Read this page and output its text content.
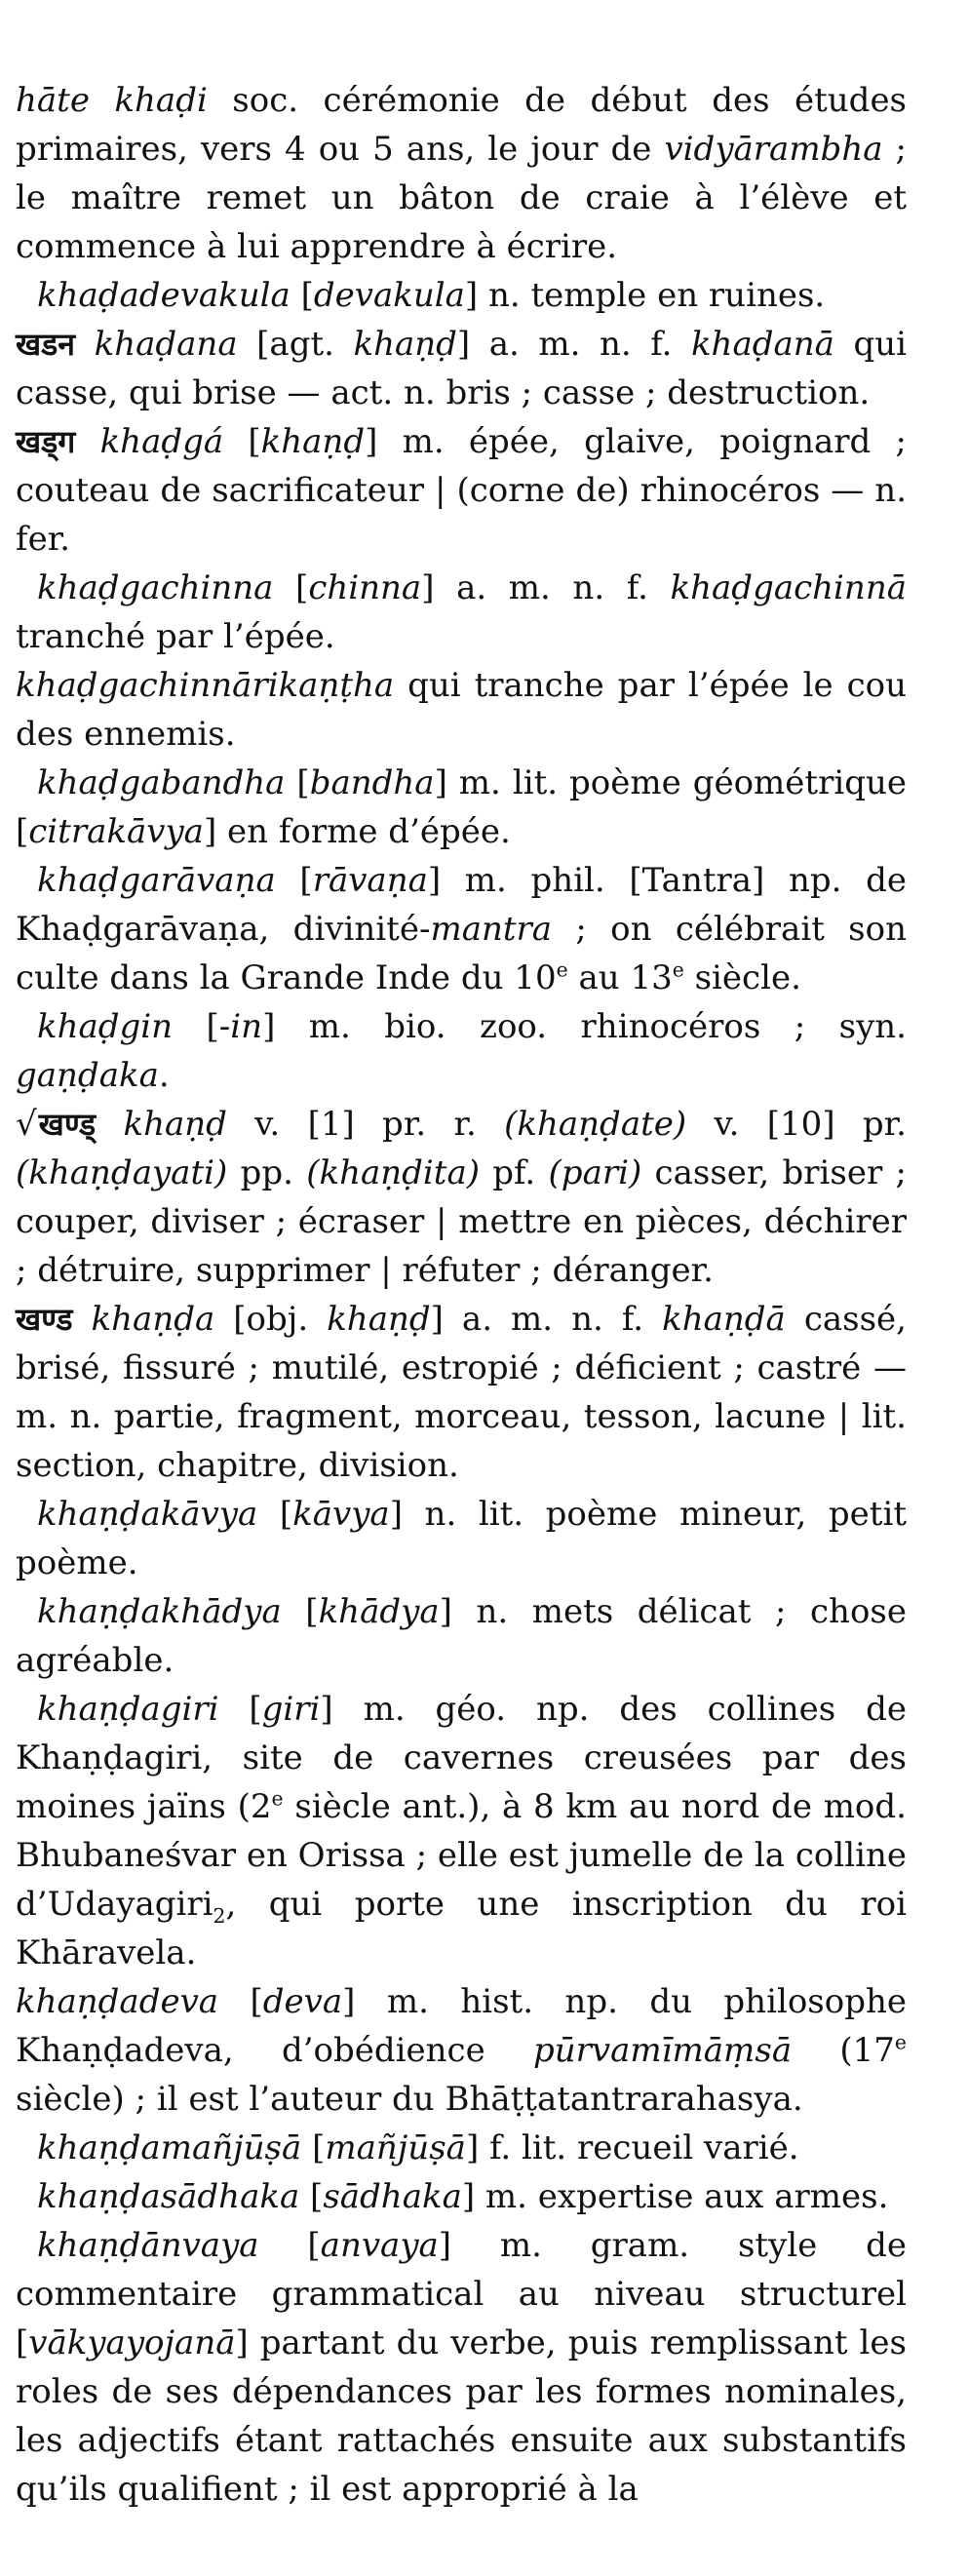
hāte khaḍi soc. cérémonie de début des études primaires, vers 4 ou 5 ans, le jour de vidyārambha ; le maître remet un bâton de craie à l’élève et commence à lui apprendre à écrire.

khaḍadevakula [devakula] n. temple en ruines.

खडन khaḍana [agt. khaṇḍ] a. m. n. f. khaḍanā qui casse, qui brise — act. n. bris ; casse ; destruction.

खड्ग khaḍgá [khaṇḍ] m. épée, glaive, poignard ; couteau de sacrificateur | (corne de) rhinocéros — n. fer.

khaḍgachinna [chinna] a. m. n. f. khaḍgachinnā tranché par l’épée.

khaḍgachinnārikaṇṭha qui tranche par l’épée le cou des ennemis.

khaḍgabandha [bandha] m. lit. poème géométrique [citrakāvya] en forme d’épée.

khaḍgarāvaṇa [rāvaṇa] m. phil. [Tantra] np. de Khaḍgarāvaṇa, divinité-mantra ; on célébrait son culte dans la Grande Inde du 10e au 13e siècle.

khaḍgin [-in] m. bio. zoo. rhinocéros ; syn. gaṇḍaka.

√खण्ड् khaṇḍ v. [1] pr. r. (khaṇḍate) v. [10] pr. (khaṇḍayati) pp. (khaṇḍita) pf. (pari) casser, briser ; couper, diviser ; écraser | mettre en pièces, déchirer ; détruire, supprimer | réfuter ; déranger.

खण्ड khaṇḍa [obj. khaṇḍ] a. m. n. f. khaṇḍā cassé, brisé, fissuré ; mutilé, estropié ; déficient ; castré — m. n. partie, fragment, morceau, tesson, lacune | lit. section, chapitre, division.

khaṇḍakāvya [kāvya] n. lit. poème mineur, petit poème.

khaṇḍakhādya [khādya] n. mets délicat ; chose agréable.

khaṇḍagiri [giri] m. géo. np. des collines de Khaṇḍagiri, site de cavernes creusées par des moines jaïns (2e siècle ant.), à 8 km au nord de mod. Bhubaneśvar en Orissa ; elle est jumelle de la colline d’Udayagiri$_2$, qui porte une inscription du roi Khāravela.

khaṇḍadeva [deva] m. hist. np. du philosophe Khaṇḍadeva, d’obédience pūrvamīmāṃsā (17e siècle) ; il est l’auteur du Bhāṭṭatantrarahasya.

khaṇḍamañjūṣā [mañjūṣā] f. lit. recueil varié.

khaṇḍasādhaka [sādhaka] m. expertise aux armes.

khaṇḍānvaya [anvaya] m. gram. style de commentaire grammatical au niveau structurel [vākyayojanā] partant du verbe, puis remplissant les roles de ses dépendances par les formes nominales, les adjectifs étant rattachés ensuite aux substantifs qu’ils qualifient ; il est approprié à la
